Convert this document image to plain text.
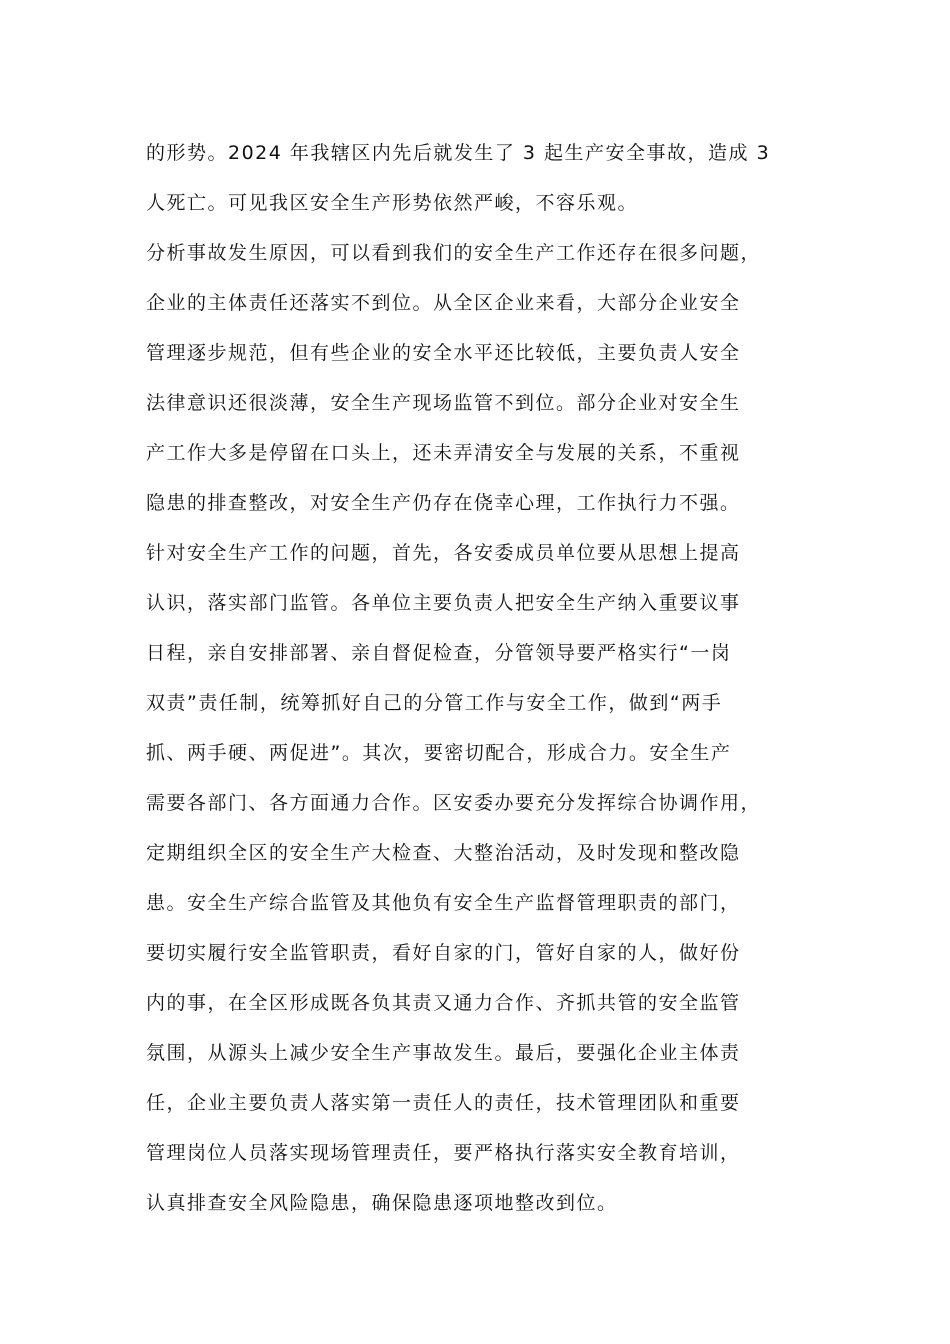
的形势。2024 年我辖区内先后就发生了 3 起生产安全事故，造成 3
人死亡。可见我区安全生产形势依然严峻，不容乐观。
分析事故发生原因，可以看到我们的安全生产工作还存在很多问题，
企业的主体责任还落实不到位。从全区企业来看，大部分企业安全
管理逐步规范，但有些企业的安全水平还比较低，主要负责人安全
法律意识还很淡薄，安全生产现场监管不到位。部分企业对安全生
产工作大多是停留在口头上，还未弄清安全与发展的关系，不重视
隐患的排查整改，对安全生产仍存在侥幸心理，工作执行力不强。
针对安全生产工作的问题，首先，各安委成员单位要从思想上提高
认识，落实部门监管。各单位主要负责人把安全生产纳入重要议事
日程，亲自安排部署、亲自督促检查，分管领导要严格实行“一岗
双责”责任制，统筹抓好自己的分管工作与安全工作，做到“两手
抓、两手硬、两促进”。其次，要密切配合，形成合力。安全生产
需要各部门、各方面通力合作。区安委办要充分发挥综合协调作用，
定期组织全区的安全生产大检查、大整治活动，及时发现和整改隐
患。安全生产综合监管及其他负有安全生产监督管理职责的部门，
要切实履行安全监管职责，看好自家的门，管好自家的人，做好份
内的事，在全区形成既各负其责又通力合作、齐抓共管的安全监管
氛围，从源头上减少安全生产事故发生。最后，要强化企业主体责
任，企业主要负责人落实第一责任人的责任，技术管理团队和重要
管理岗位人员落实现场管理责任，要严格执行落实安全教育培训，
认真排查安全风险隐患，确保隐患逐项地整改到位。
